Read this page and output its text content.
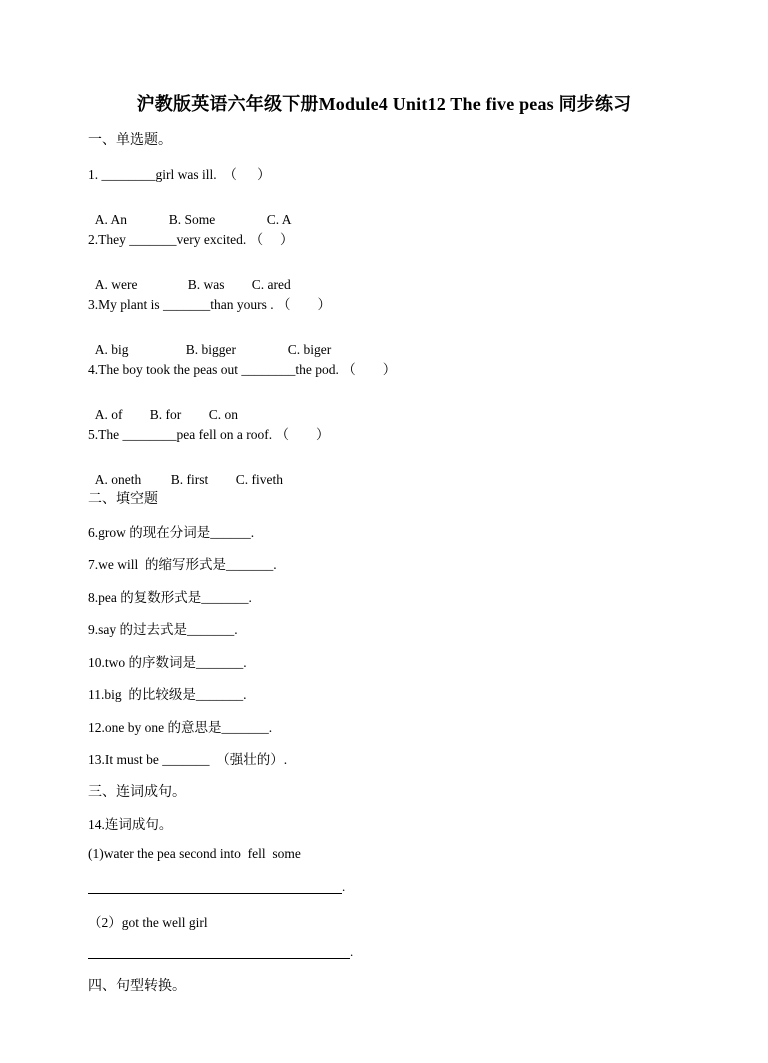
沪教版英语六年级下册Module4 Unit12 The five peas 同步练习
一、单选题。
1. ________girl was ill.  （      ）

A. An	B. Some	C. A

2.They _______very excited. （     ）

A. were	B. was C. ared

3.My plant is _______than yours . （        ）

A. big	B. bigger	C. biger

4.The boy took the peas out ________the pod. （        ）

A. of B. for C. on

5.The ________pea fell on a roof. （        ）

A. oneth B. first C. fiveth

二、填空题
6.grow 的现在分词是______.
7.we will  的缩写形式是_______.
8.pea 的复数形式是_______.
9.say 的过去式是_______.
10.two 的序数词是_______.
11.big  的比较级是_______.
12.one by one 的意思是_______.
13.It must be _______  （强壮的）.
三、连词成句。
14.连词成句。
(1)water the pea second into  fell  some
.
（2）got the well girl
.
四、句型转换。
